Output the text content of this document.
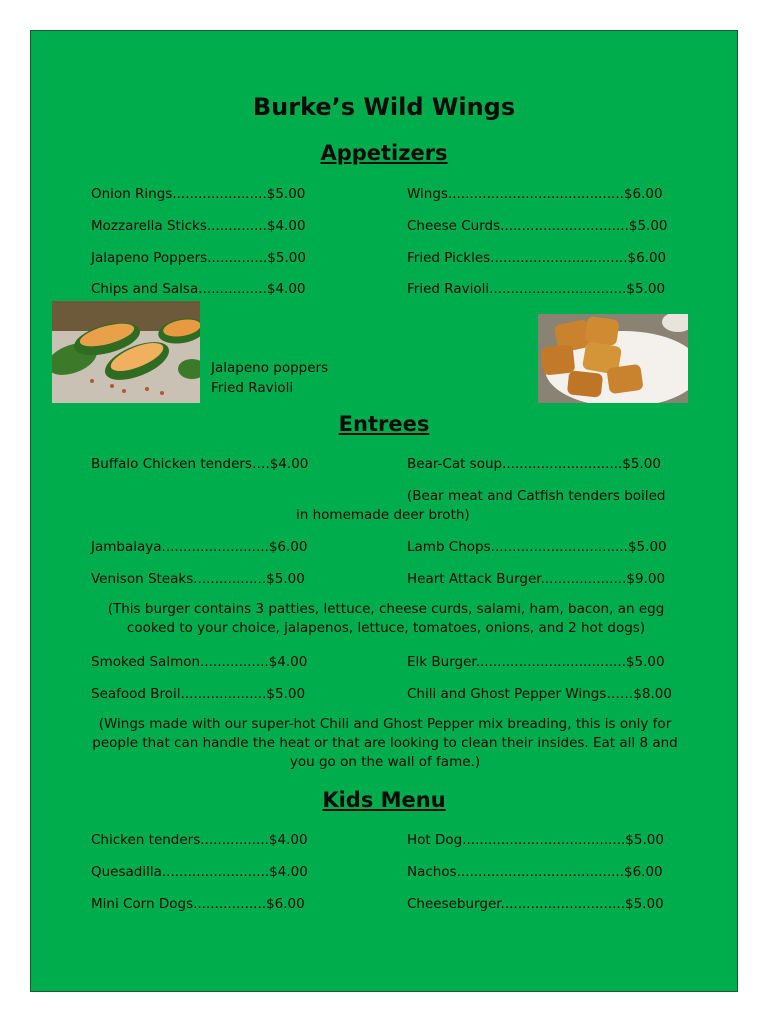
Burke’s Wild Wings
Appetizers
Onion Rings......................$5.00	Wings.........................................$6.00
Mozzarella Sticks..............$4.00	Cheese Curds..............................$5.00
Jalapeno Poppers..............$5.00	Fried Pickles................................$6.00
Chips and Salsa................$4.00	Fried Ravioli................................$5.00
Jalapeno poppers
Fried Ravioli
Entrees
Buffalo Chicken tenders….$4.00	Bear-Cat soup............................$5.00
(Bear meat and Catfish tenders boiled
in homemade deer broth)
Jambalaya.........................$6.00	Lamb Chops................................$5.00
Venison Steaks.................$5.00	Heart Attack Burger....................$9.00
(This burger contains 3 patties, lettuce, cheese curds, salami, ham, bacon, an egg cooked to your choice, jalapenos, lettuce, tomatoes, onions, and 2 hot dogs)
Smoked Salmon................$4.00	Elk Burger...................................$5.00
Seafood Broil....................$5.00	Chili and Ghost Pepper Wings……$8.00
(Wings made with our super-hot Chili and Ghost Pepper mix breading, this is only for people that can handle the heat or that are looking to clean their insides. Eat all 8 and you go on the wall of fame.)
Kids Menu
Chicken tenders................$4.00	Hot Dog......................................$5.00
Quesadilla.........................$4.00	Nachos.......................................$6.00
Mini Corn Dogs.................$6.00	Cheeseburger.............................$5.00
